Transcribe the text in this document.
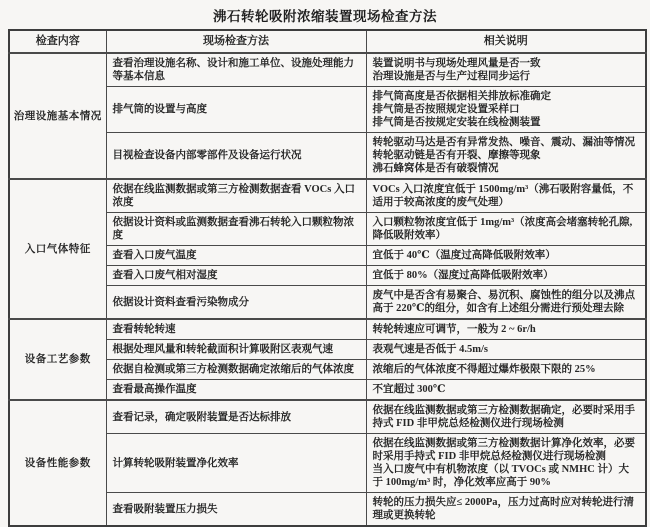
沸石转轮吸附浓缩装置现场检查方法
检查内容	现场检查方法	相关说明
治理设施基本情况	查看治理设施名称、设计和施工单位、设施处理能力等基本信息	装置说明书与现场处理风量是否一致
治理设施是否与生产过程同步运行

	排气筒的设置与高度	排气筒高度是否依据相关排放标准确定
排气筒是否按照规定设置采样口
排气筒是否按规定安装在线检测装置

	目视检查设备内部零部件及设备运行状况	转轮驱动马达是否有异常发热、噪音、震动、漏油等情况
转轮驱动链是否有开裂、摩擦等现象
沸石蜂窝体是否有破裂情况

入口气体特征	依据在线监测数据或第三方检测数据查看 VOCs 入口浓度	VOCs 入口浓度宜低于 1500mg/m³（沸石吸附容量低，不适用于较高浓度的废气处理）

	依据设计资料或监测数据查看沸石转轮入口颗粒物浓度	入口颗粒物浓度宜低于 1mg/m³（浓度高会堵塞转轮孔隙,降低吸附效率）

	查看入口废气温度	宜低于 40℃（温度过高降低吸附效率）

	查看入口废气相对湿度	宜低于 80%（湿度过高降低吸附效率）

	依据设计资料查看污染物成分	废气中是否含有易聚合、易沉积、腐蚀性的组分以及沸点高于 220℃的组分，如含有上述组分需进行预处理去除

设备工艺参数	查看转轮转速	转轮转速应可调节，一般为 2 ~ 6r/h

	根据处理风量和转轮截面积计算吸附区表观气速	表观气速是否低于 4.5m/s

	依据自检测或第三方检测数据确定浓缩后的气体浓度	浓缩后的气体浓度不得超过爆炸极限下限的 25%

	查看最高操作温度	不宜超过 300℃

设备性能参数	查看记录，确定吸附装置是否达标排放	依据在线监测数据或第三方检测数据确定，必要时采用手持式 FID 非甲烷总烃检测仪进行现场检测

	计算转轮吸附装置净化效率	依据在线监测数据或第三方检测数据计算净化效率，必要时采用手持式 FID 非甲烷总烃检测仪进行现场检测
当入口废气中有机物浓度（以 TVOCs 或 NMHC 计）大于 100mg/m³ 时，净化效率应高于 90%

	查看吸附装置压力损失	转轮的压力损失应≤ 2000Pa，压力过高时应对转轮进行清理或更换转轮
